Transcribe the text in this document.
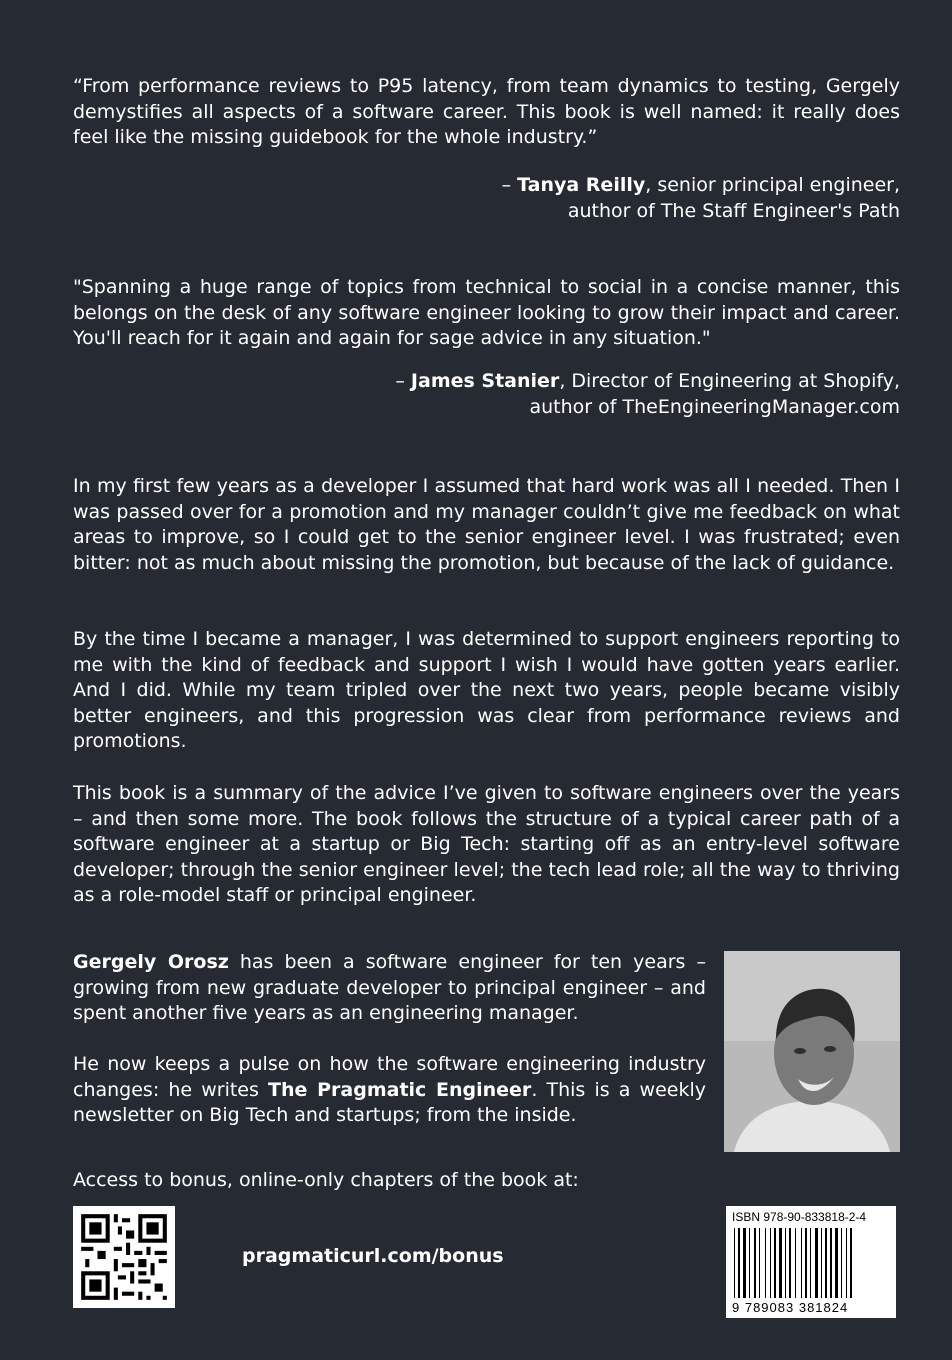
“From performance reviews to P95 latency, from team dynamics to testing, Gergely demystifies all aspects of a software career. This book is well named: it really does feel like the missing guidebook for the whole industry.”

– Tanya Reilly, senior principal engineer,
author of The Staff Engineer's Path

"Spanning a huge range of topics from technical to social in a concise manner, this belongs on the desk of any software engineer looking to grow their impact and career. You'll reach for it again and again for sage advice in any situation."

– James Stanier, Director of Engineering at Shopify,
author of TheEngineeringManager.com

In my first few years as a developer I assumed that hard work was all I needed. Then I was passed over for a promotion and my manager couldn’t give me feedback on what areas to improve, so I could get to the senior engineer level. I was frustrated; even bitter: not as much about missing the promotion, but because of the lack of guidance.

By the time I became a manager, I was determined to support engineers reporting to me with the kind of feedback and support I wish I would have gotten years earlier. And I did. While my team tripled over the next two years, people became visibly better engineers, and this progression was clear from performance reviews and promotions.

This book is a summary of the advice I’ve given to software engineers over the years – and then some more. The book follows the structure of a typical career path of a software engineer at a startup or Big Tech: starting off as an entry-level software developer; through the senior engineer level; the tech lead role; all the way to thriving as a role-model staff or principal engineer.

Gergely Orosz has been a software engineer for ten years – growing from new graduate developer to principal engineer – and spent another five years as an engineering manager.

He now keeps a pulse on how the software engineering industry changes: he writes The Pragmatic Engineer. This is a weekly newsletter on Big Tech and startups; from the inside.

Access to bonus, online-only chapters of the book at:

pragmaticurl.com/bonus
ISBN 978-90-833818-2-4
9 789083 381824
